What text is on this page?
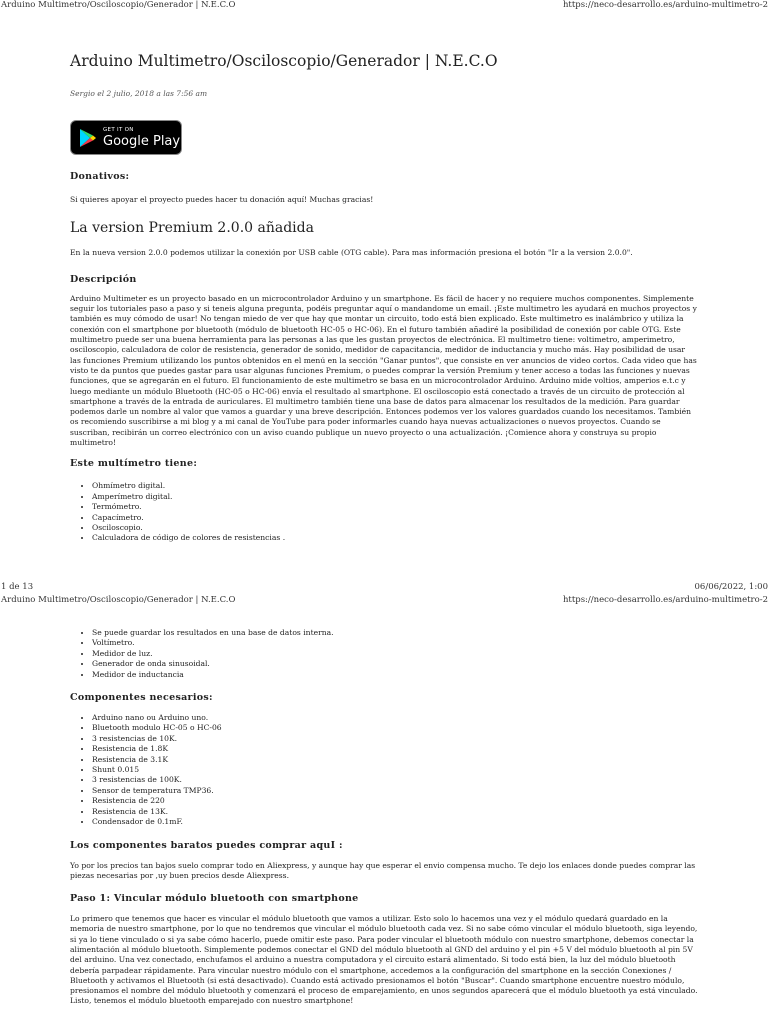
Arduino Multimetro/Osciloscopio/Generador | N.E.C.O	https://neco-desarrollo.es/arduino-multimetro-2
Arduino Multimetro/Osciloscopio/Generador | N.E.C.O

Sergio el 2 julio, 2018 a las 7:56 am

GET IT ON
Google Play
Donativos:

Si quieres apoyar el proyecto puedes hacer tu donación aquí! Muchas gracias!

La version Premium 2.0.0 añadida

En la nueva version 2.0.0 podemos utilizar la conexión por USB cable (OTG cable). Para mas información presiona el botón "Ir a la version 2.0.0".

Descripción

Arduino Multimeter es un proyecto basado en un microcontrolador Arduino y un smartphone. Es fácil de hacer y no requiere muchos componentes. Simplemente seguir los tutoriales paso a paso y si teneis alguna pregunta, podéis preguntar aquí o mandandome un email. ¡Este multimetro les ayudará en muchos proyectos y también es muy cómodo de usar! No tengan miedo de ver que hay que montar un circuito, todo está bien explicado. Este multimetro es inalámbrico y utiliza la conexión con el smartphone por bluetooth (módulo de bluetooth HC-05 o HC-06). En el futuro también añadiré la posibilidad de conexión por cable OTG. Este multimetro puede ser una buena herramienta para las personas a las que les gustan proyectos de electrónica. El multimetro tiene: voltimetro, amperimetro, osciloscopio, calculadora de color de resistencia, generador de sonido, medidor de capacitancia, medidor de inductancia y mucho más. Hay posibilidad de usar las funciones Premium utilizando los puntos obtenidos en el menú en la sección "Ganar puntos", que consiste en ver anuncios de video cortos. Cada video que has visto te da puntos que puedes gastar para usar algunas funciones Premium, o puedes comprar la versión Premium y tener acceso a todas las funciones y nuevas funciones, que se agregarán en el futuro. El funcionamiento de este multimetro se basa en un microcontrolador Arduino. Arduino mide voltios, amperios e.t.c y luego mediante un módulo Bluetooth (HC-05 o HC-06) envía el resultado al smartphone. El osciloscopio está conectado a través de un circuito de protección al smartphone a través de la entrada de auriculares. El multimetro también tiene una base de datos para almacenar los resultados de la medición. Para guardar podemos darle un nombre al valor que vamos a guardar y una breve descripción. Entonces podemos ver los valores guardados cuando los necesitamos. También os recomiendo suscribirse a mi blog y a mi canal de YouTube para poder informarles cuando haya nuevas actualizaciones o nuevos proyectos. Cuando se suscriban, recibirán un correo electrónico con un aviso cuando publique un nuevo proyecto o una actualización. ¡Comience ahora y construya su propio multimetro!

Este multímetro tiene:
• Ohmímetro digital.
• Amperímetro digital.
• Termómetro.
• Capacímetro.
• Osciloscopio.
• Calculadora de código de colores de resistencias .
1 de 13	06/06/2022, 1:00
Arduino Multimetro/Osciloscopio/Generador | N.E.C.O	https://neco-desarrollo.es/arduino-multimetro-2
• Se puede guardar los resultados en una base de datos interna.
• Voltímetro.
• Medidor de luz.
• Generador de onda sinusoidal.
• Medidor de inductancia
Componentes necesarios:
• Arduino nano ou Arduino uno.
• Bluetooth modulo HC-05 o HC-06
• 3 resistencias de 10K.
• Resistencia de 1.8K
• Resistencia de 3.1K
• Shunt 0.015
• 3 resistencias de 100K.
• Sensor de temperatura TMP36.
• Resistencia de 220
• Resistencia de 13K.
• Condensador de 0.1mF.
Los componentes baratos puedes comprar aquI :

Yo por los precios tan bajos suelo comprar todo en Aliexpress, y aunque hay que esperar el envio compensa mucho. Te dejo los enlaces donde puedes comprar las piezas necesarias por ,uy buen precios desde Aliexpress.

Paso 1: Vincular módulo bluetooth con smartphone

Lo primero que tenemos que hacer es vincular el módulo bluetooth que vamos a utilizar. Esto solo lo hacemos una vez y el módulo quedará guardado en la memoria de nuestro smartphone, por lo que no tendremos que vincular el módulo bluetooth cada vez. Si no sabe cómo vincular el módulo bluetooth, siga leyendo, si ya lo tiene vinculado o si ya sabe cómo hacerlo, puede omitir este paso. Para poder vincular el bluetooth módulo con nuestro smartphone, debemos conectar la alimentación al módulo bluetooth. Simplemente podemos conectar el GND del módulo bluetooth al GND del arduino y el pin +5 V del módulo bluetooth al pin 5V del arduino. Una vez conectado, enchufamos el arduino a nuestra computadora y el circuito estará alimentado. Si todo está bien, la luz del módulo bluetooth debería parpadear rápidamente. Para vincular nuestro módulo con el smartphone, accedemos a la configuración del smartphone en la sección Conexiones / Bluetooth y activamos el Bluetooth (si está desactivado). Cuando está activado presionamos el botón "Buscar". Cuando smartphone encuentre nuestro módulo, presionamos el nombre del módulo bluetooth y comenzará el proceso de emparejamiento, en unos segundos aparecerá que el módulo bluetooth ya está vinculado. Listo, tenemos el módulo bluetooth emparejado con nuestro smartphone!
